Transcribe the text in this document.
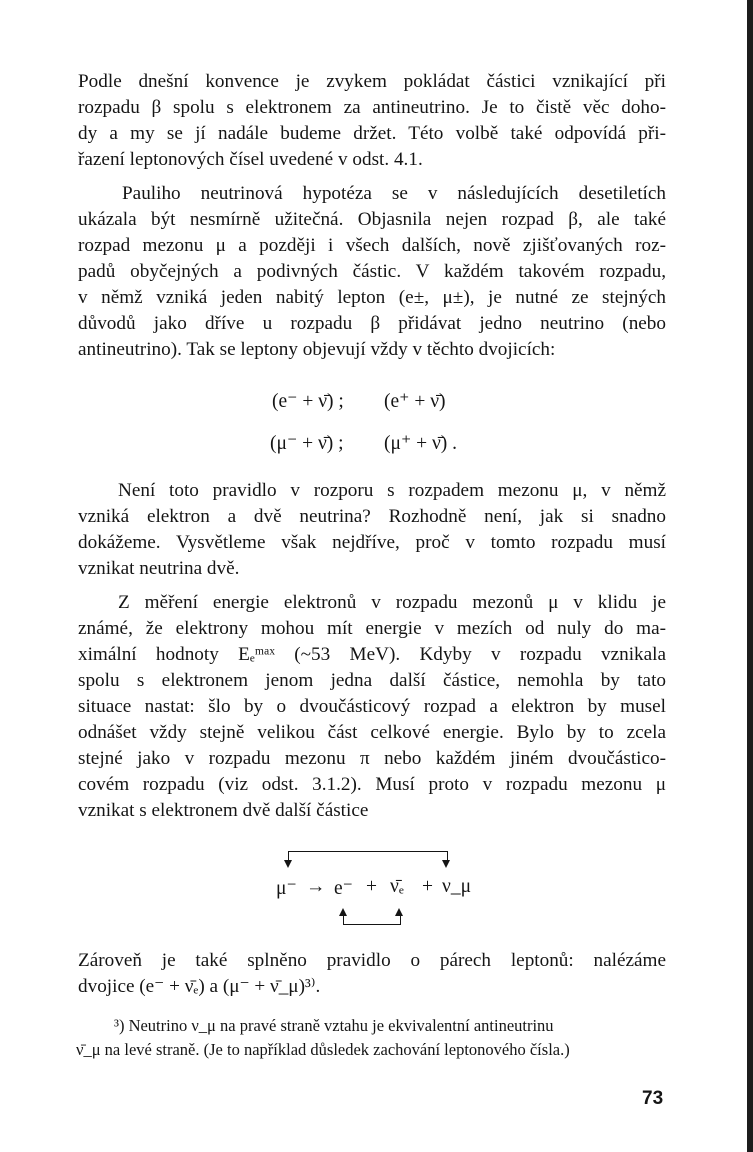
Podle dnešní konvence je zvykem pokládat částici vznikající při
rozpadu β spolu s elektronem za antineutrino. Je to čistě věc doho-
dy a my se jí nadále budeme držet. Této volbě také odpovídá při-
řazení leptonových čísel uvedené v odst. 4.1.

Pauliho neutrinová hypotéza se v následujících desetiletích
ukázala být nesmírně užitečná. Objasnila nejen rozpad β, ale také
rozpad mezonu μ a později i všech dalších, nově zjišťovaných roz-
padů obyčejných a podivných částic. V každém takovém rozpadu,
v němž vzniká jeden nabitý lepton (e±, μ±), je nutné ze stejných
důvodů jako dříve u rozpadu β přidávat jedno neutrino (nebo
antineutrino). Tak se leptony objevují vždy v těchto dvojicích:

(e⁻ + ν̄) ; (e⁺ + ν̄)
(μ⁻ + ν̄) ; (μ⁺ + ν̄) .

Není toto pravidlo v rozporu s rozpadem mezonu μ, v němž
vzniká elektron a dvě neutrina? Rozhodně není, jak si snadno
dokážeme. Vysvětleme však nejdříve, proč v tomto rozpadu musí
vznikat neutrina dvě.

Z měření energie elektronů v rozpadu mezonů μ v klidu je
známé, že elektrony mohou mít energie v mezích od nuly do ma-
ximální hodnoty Eₑᵐᵃˣ (~53 MeV). Kdyby v rozpadu vznikala
spolu s elektronem jenom jedna další částice, nemohla by tato
situace nastat: šlo by o dvoučásticový rozpad a elektron by musel
odnášet vždy stejně velikou část celkové energie. Bylo by to zcela
stejné jako v rozpadu mezonu π nebo každém jiném dvoučástico-
covém rozpadu (viz odst. 3.1.2). Musí proto v rozpadu mezonu μ
vznikat s elektronem dvě další částice

μ⁻ → e⁻ + ν̄ₑ + ν_μ

Zároveň je také splněno pravidlo o párech leptonů: nalézáme
dvojice (e⁻ + ν̄ₑ) a (μ⁻ + ν̄_μ)³⁾.

³) Neutrino ν_μ na pravé straně vztahu je ekvivalentní antineutrinu
ν̄_μ na levé straně. (Je to například důsledek zachování leptonového čísla.)

73
